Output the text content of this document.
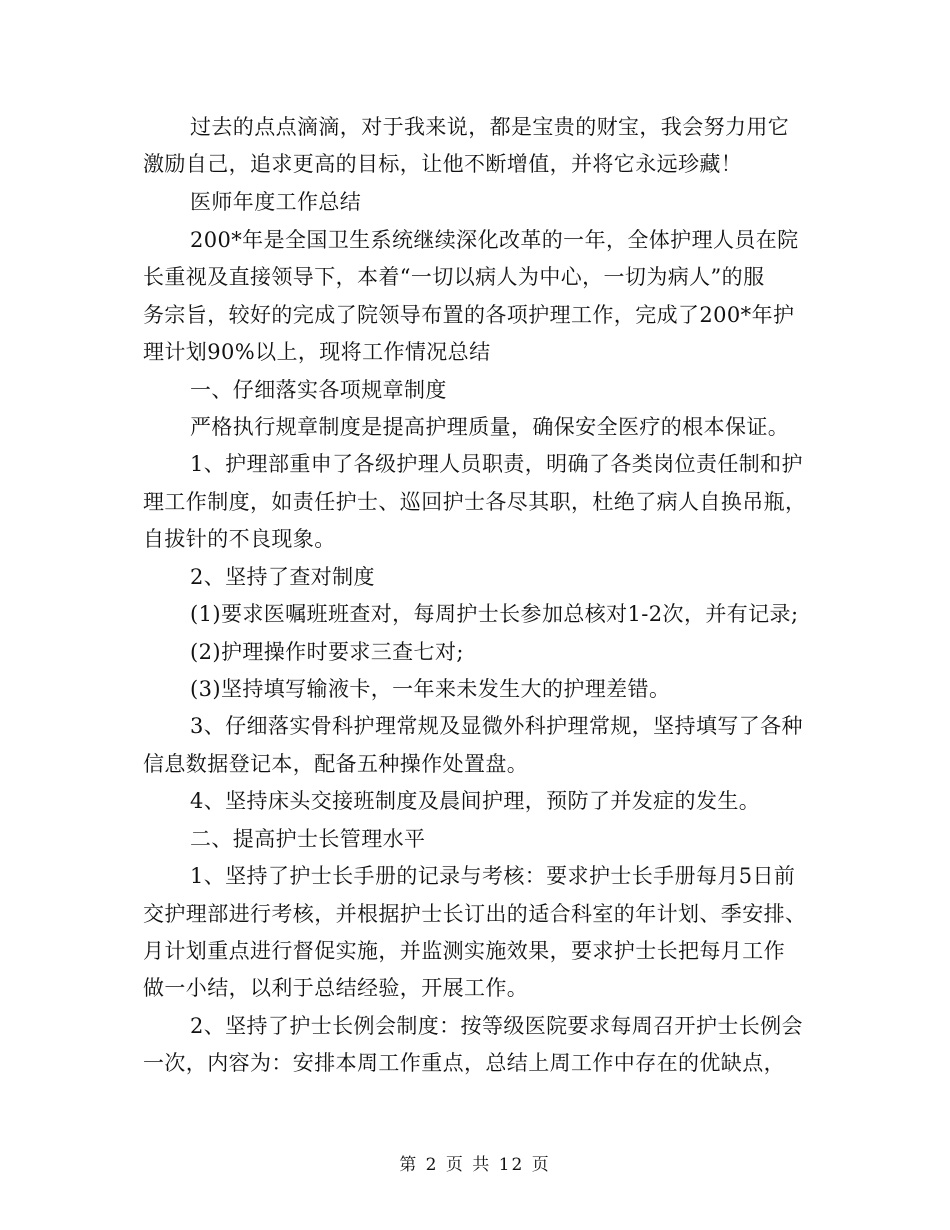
过去的点点滴滴，对于我来说，都是宝贵的财宝，我会努力用它
激励自己，追求更高的目标，让他不断增值，并将它永远珍藏！
医师年度工作总结
200*年是全国卫生系统继续深化改革的一年，全体护理人员在院
长重视及直接领导下，本着“一切以病人为中心，一切为病人”的服
务宗旨，较好的完成了院领导布置的各项护理工作，完成了200*年护
理计划90%以上，现将工作情况总结
一、仔细落实各项规章制度
严格执行规章制度是提高护理质量，确保安全医疗的根本保证。
1、护理部重申了各级护理人员职责，明确了各类岗位责任制和护
理工作制度，如责任护士、巡回护士各尽其职，杜绝了病人自换吊瓶，
自拔针的不良现象。
2、坚持了查对制度
(1)要求医嘱班班查对，每周护士长参加总核对1-2次，并有记录;
(2)护理操作时要求三查七对;
(3)坚持填写输液卡，一年来未发生大的护理差错。
3、仔细落实骨科护理常规及显微外科护理常规，坚持填写了各种
信息数据登记本，配备五种操作处置盘。
4、坚持床头交接班制度及晨间护理，预防了并发症的发生。
二、提高护士长管理水平
1、坚持了护士长手册的记录与考核：要求护士长手册每月5日前
交护理部进行考核，并根据护士长订出的适合科室的年计划、季安排、
月计划重点进行督促实施，并监测实施效果，要求护士长把每月工作
做一小结，以利于总结经验，开展工作。
2、坚持了护士长例会制度：按等级医院要求每周召开护士长例会
一次，内容为：安排本周工作重点，总结上周工作中存在的优缺点，
第 2 页 共 12 页
